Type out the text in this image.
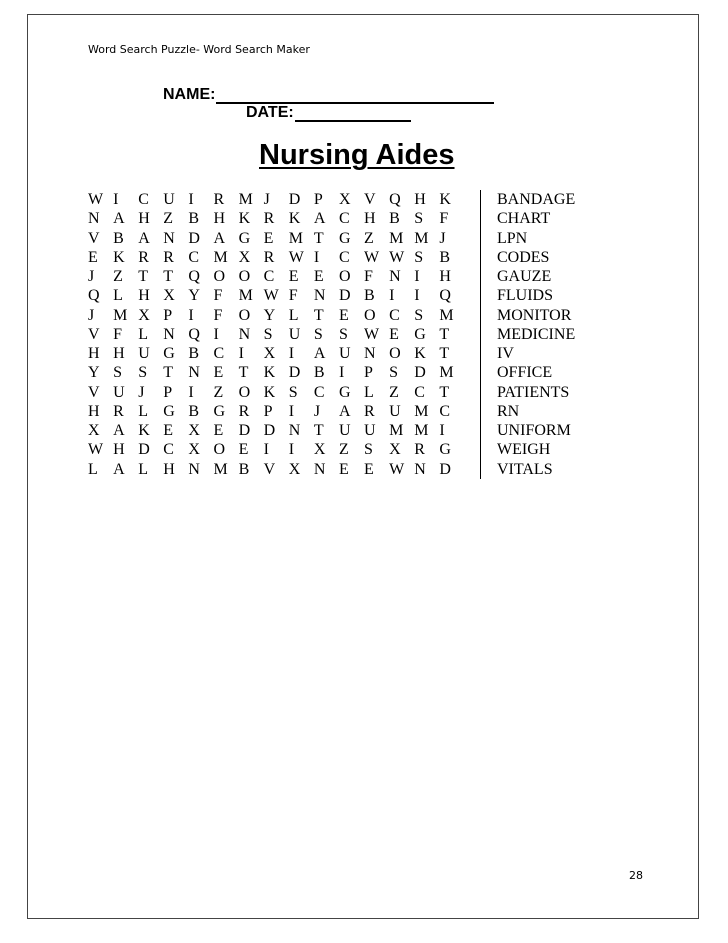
Word Search Puzzle- Word Search Maker
NAME:
DATE:
Nursing Aides
W I	C U I	R M J	D P	X V Q H K
N A H Z B H K R K A C H B S	F
V B A N D A G E M T G Z M M J
E K R R C M X R W I	C W W S	B
J	Z T T Q O O C E E O F	N I	H
Q L H X Y F	M W F	N D B I	I	Q
J	M X P	I	F	O Y L T E O C S	M
V F	L N Q I	N S	U S	S	W E G T
H H U G B C I	X I	A U N O K T
Y S	S	T N E T K D B I	P	S	D M
V U J	P	I	Z O K S	C G L Z C T
H R L G B G R P	I	J	A R U M C
X A K E X E D D N T U U M M I
W H D C X O E I	I	X Z S	X R G
L A L H N M B V X N E E W N D
BANDAGE
CHART
LPN
CODES
GAUZE
FLUIDS
MONITOR
MEDICINE
IV
OFFICE
PATIENTS
RN
UNIFORM
WEIGH
VITALS
28
